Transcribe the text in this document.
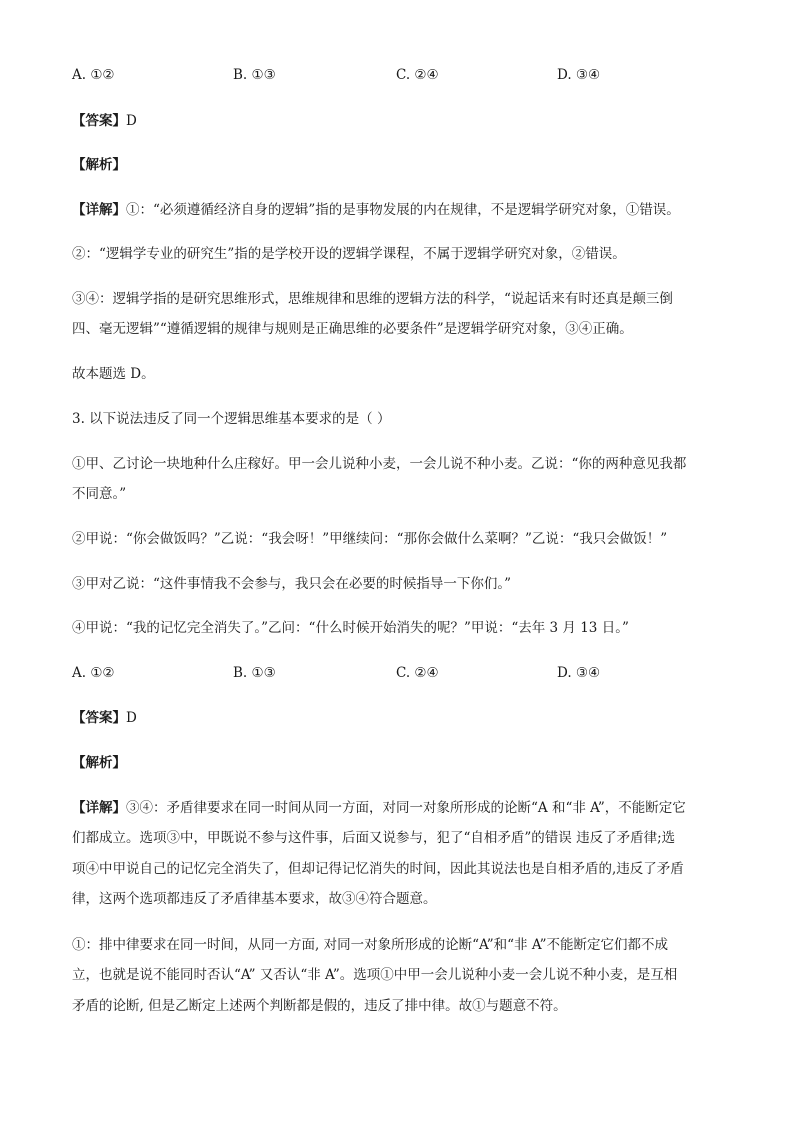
A. ①②	B. ①③	C. ②④	D. ③④
【答案】D
【解析】
【详解】①：“必须遵循经济自身的逻辑”指的是事物发展的内在规律，不是逻辑学研究对象，①错误。
②：“逻辑学专业的研究生”指的是学校开设的逻辑学课程，不属于逻辑学研究对象，②错误。
③④：逻辑学指的是研究思维形式，思维规律和思维的逻辑方法的科学，“说起话来有时还真是颠三倒
四、毫无逻辑”“遵循逻辑的规律与规则是正确思维的必要条件”是逻辑学研究对象，③④正确。
故本题选 D。
3. 以下说法违反了同一个逻辑思维基本要求的是（ ）
①甲、乙讨论一块地种什么庄稼好。甲一会儿说种小麦，一会儿说不种小麦。乙说：“你的两种意见我都
不同意。”
②甲说：“你会做饭吗？”乙说：“我会呀！”甲继续问：“那你会做什么菜啊？”乙说：“我只会做饭！”
③甲对乙说：“这件事情我不会参与，我只会在必要的时候指导一下你们。”
④甲说：“我的记忆完全消失了。”乙问：“什么时候开始消失的呢？”甲说：“去年 3 月 13 日。”
A. ①②	B. ①③	C. ②④	D. ③④
【答案】D
【解析】
【详解】③④：矛盾律要求在同一时间从同一方面，对同一对象所形成的论断“A 和“非 A”，不能断定它
们都成立。选项③中，甲既说不参与这件事，后面又说参与，犯了“自相矛盾”的错误 违反了矛盾律;选
项④中甲说自己的记忆完全消失了，但却记得记忆消失的时间，因此其说法也是自相矛盾的,违反了矛盾
律，这两个选项都违反了矛盾律基本要求，故③④符合题意。
①：排中律要求在同一时间，从同一方面, 对同一对象所形成的论断“A”和“非 A”不能断定它们都不成
立，也就是说不能同时否认“A” 又否认“非 A”。选项①中甲一会儿说种小麦一会儿说不种小麦，是互相
矛盾的论断, 但是乙断定上述两个判断都是假的，违反了排中律。故①与题意不符。
